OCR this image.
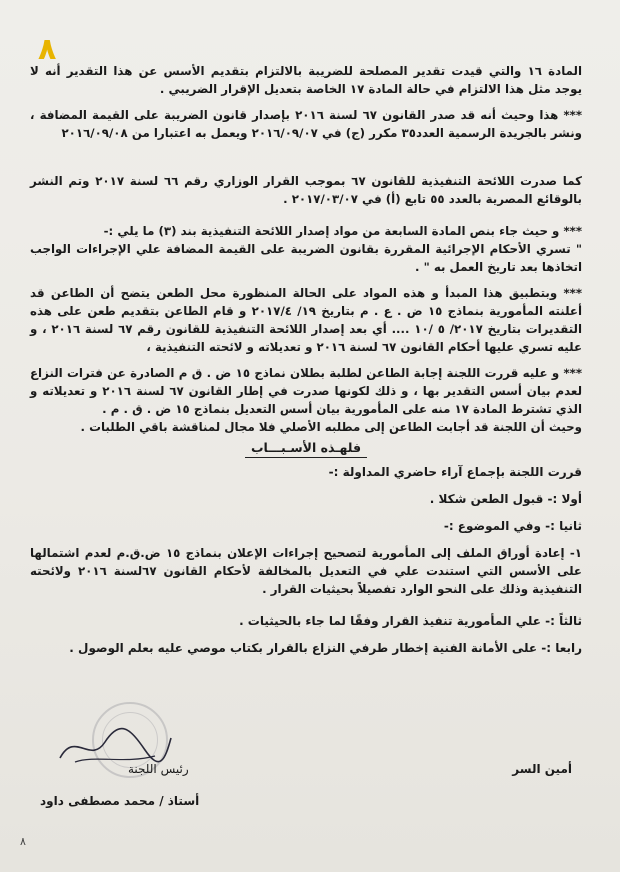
٨

المادة ١٦ والتي قيدت تقدير المصلحة للضريبة بالالتزام بتقديم الأسس عن هذا التقدير أنه لا يوجد مثل هذا الالتزام في حالة المادة ١٧ الخاصة بتعديل الإقرار الضريبي .

*** هذا وحيث أنه قد صدر القانون ٦٧ لسنة ٢٠١٦ بإصدار قانون الضريبة على القيمة المضافة ، ونشر بالجريدة الرسمية العدد٣٥ مكرر (ج) في ٢٠١٦/٠٩/٠٧ ويعمل به اعتبارا من ٢٠١٦/٠٩/٠٨

كما صدرت اللائحة التنفيذية للقانون ٦٧ بموجب القرار الوزاري رقم ٦٦ لسنة ٢٠١٧ وتم النشر بالوقائع المصرية بالعدد ٥٥ تابع (أ) في ٢٠١٧/٠٣/٠٧ .

*** و حيث جاء بنص المادة السابعة من مواد إصدار اللائحة التنفيذية بند (٣) ما يلي :-

" تسري الأحكام الإجرائية المقررة بقانون الضريبة على القيمة المضافة علي الإجراءات الواجب اتخاذها بعد تاريخ العمل به " .

*** وبتطبيق هذا المبدأ و هذه المواد على الحالة المنظورة محل الطعن يتضح أن الطاعن قد أعلنته المأمورية بنماذج ١٥ ض . ع . م بتاريخ ١٩/ ٢٠١٧/٤ و قام الطاعن بتقديم طعن على هذه التقديرات بتاريخ ٢٠١٧/ ٥ /١٠ .... أي بعد إصدار اللائحة التنفيذية للقانون رقم ٦٧ لسنة ٢٠١٦ ، و عليه تسري عليها أحكام القانون ٦٧ لسنة ٢٠١٦ و تعديلاته و لائحته التنفيذية ،

*** و عليه قررت اللجنة إجابة الطاعن لطلبة بطلان نماذج ١٥ ض . ق م الصادرة عن فترات النزاع لعدم بيان أسس التقدير بها ، و ذلك لكونها صدرت في إطار القانون ٦٧ لسنة ٢٠١٦ و تعديلاته و الذي تشترط المادة ١٧ منه على المأمورية بيان أسس التعديل بنماذج ١٥ ض . ق . م .

وحيث أن اللجنة قد أجابت الطاعن إلى مطلبه الأصلي فلا مجال لمناقشة باقي الطلبات .

فلهـذه الأسـبـــاب

قررت اللجنة بإجماع آراء حاضري المداولة :-

أولا :- قبول الطعن شكلا .

ثانيا :- وفي الموضوع :-

١- إعادة أوراق الملف إلى المأمورية لتصحيح إجراءات الإعلان بنماذج ١٥ ض.ق.م لعدم اشتمالها على الأسس التي استندت علي في التعديل بالمخالفة لأحكام القانون ٦٧لسنة ٢٠١٦ ولائحته التنفيذية وذلك على النحو الوارد تفصيلاً بحيثيات القرار .

ثالثاً :- علي المأمورية تنفيذ القرار وفقًا لما جاء بالحيثيات .

رابعا :- على الأمانة الفنية إخطار طرفي النزاع بالقرار بكتاب موصي عليه بعلم الوصول .

أمين السر
رئيس اللجنة
أستاذ / محمد مصطفى داود
٨
